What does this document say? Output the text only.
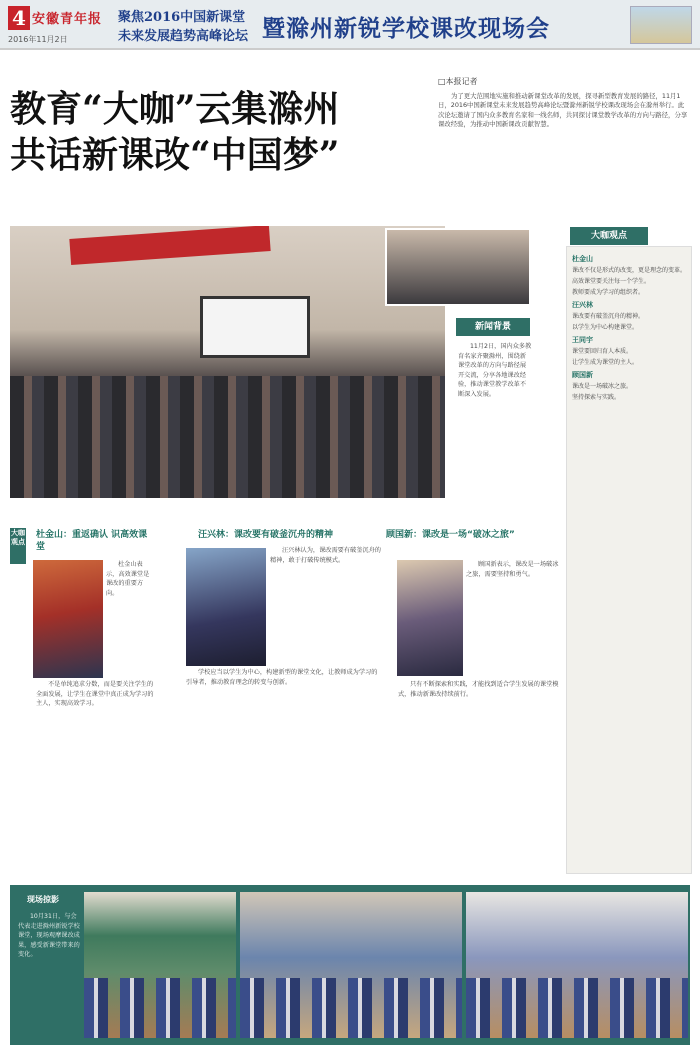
4 安徽青年报
2016年11月2日
聚焦2016中国新课堂
未来发展趋势高峰论坛 暨滁州新锐学校课改现场会
教育“大咖”云集滁州
共话新课改“中国梦”
□本报记者
为了更大范围地实施和推动新课堂改革的发展，探寻新型教育发展的路径，11月1日，2016中国新课堂未来发展趋势高峰论坛暨滁州新锐学校课改现场会在滁州举行。此次论坛邀请了国内众多教育名家和一线名师，共同探讨课堂教学改革的方向与路径，分享课改经验，为推动中国新课改贡献智慧。
新闻背景
11月2日，国内众多教育名家齐聚滁州，围绕新课堂改革的方向与路径展开交流，分享各地课改经验，推动课堂教学改革不断深入发展。
大咖观点
杜金山
课改不仅是形式的改变，更是理念的变革。
高效课堂要关注每一个学生。
教师要成为学习的组织者。
汪兴林
课改要有破釜沉舟的精神。
以学生为中心构建课堂。
王同宇
课堂要回归育人本质。
让学生成为课堂的主人。
顾国新
课改是一场破冰之旅。
坚持探索与实践。
大咖观点
杜金山：重返确认 识高效课堂
杜金山表示，高效课堂是课改的重要方向。
不是单纯追求分数，而是要关注学生的全面发展，让学生在课堂中真正成为学习的主人，实现高效学习。
汪兴林：课改要有破釜沉舟的精神
汪兴林认为，课改需要有破釜沉舟的精神，敢于打破传统模式。
学校应当以学生为中心，构建新型的课堂文化，让教师成为学习的引导者，推动教育理念的转变与创新。
顾国新：课改是一场“破冰之旅”
顾国新表示，课改是一场破冰之旅，需要坚持和勇气。
只有不断探索和实践，才能找到适合学生发展的课堂模式，推动新课改持续前行。
现场掠影
10月31日，与会代表走进滁州新锐学校课堂，现场观摩课改成果，感受新课堂带来的变化。
